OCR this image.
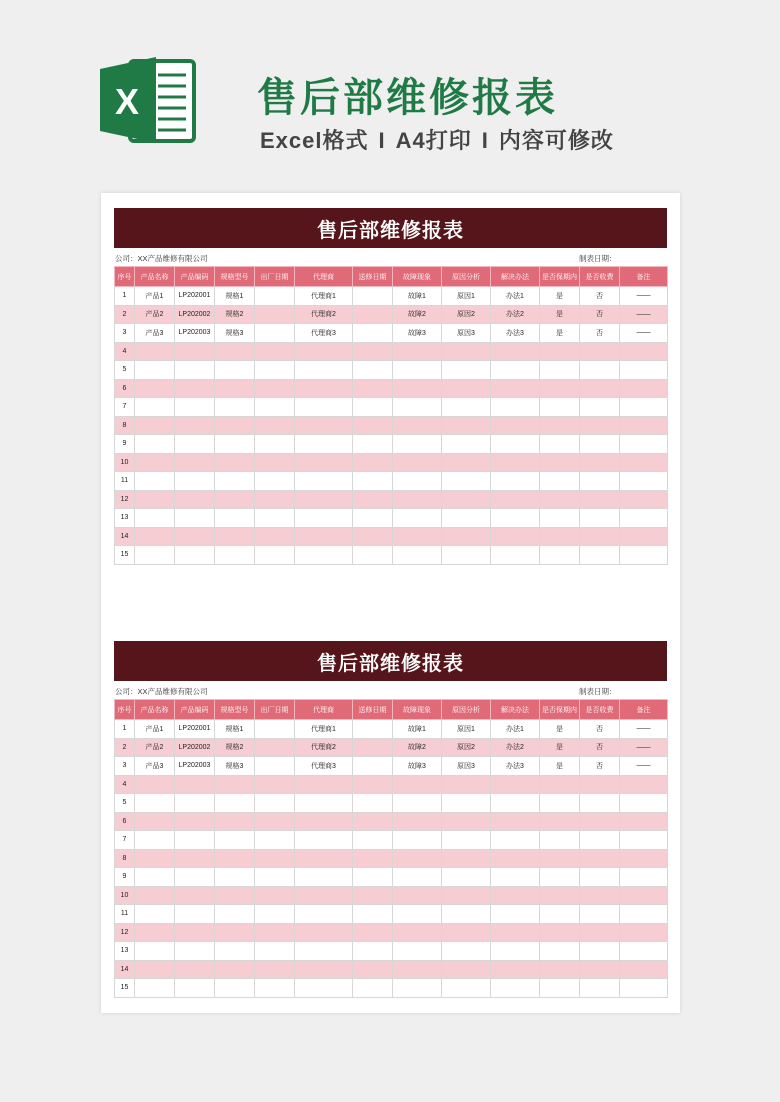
X	售后部维修报表
Excel格式 I A4打印 I 内容可修改
售后部维修报表
公司：XX产品维修有限公司	制表日期：
序号	产品名称	产品编码	规格型号	出厂日期	代理商	送修日期	故障现象	原因分析	解决办法	是否保期内	是否收费	备注
1	产品1	LP202001	规格1		代理商1		故障1	原因1	办法1	是	否	——
2	产品2	LP202002	规格2		代理商2		故障2	原因2	办法2	是	否	——
3	产品3	LP202003	规格3		代理商3		故障3	原因3	办法3	是	否	——
4												
5												
6												
7												
8												
9												
10												
11												
12												
13												
14												
15												
售后部维修报表
公司：XX产品维修有限公司	制表日期：
序号	产品名称	产品编码	规格型号	出厂日期	代理商	送修日期	故障现象	原因分析	解决办法	是否保期内	是否收费	备注
1	产品1	LP202001	规格1		代理商1		故障1	原因1	办法1	是	否	——
2	产品2	LP202002	规格2		代理商2		故障2	原因2	办法2	是	否	——
3	产品3	LP202003	规格3		代理商3		故障3	原因3	办法3	是	否	——
4												
5												
6												
7												
8												
9												
10												
11												
12												
13												
14												
15												
